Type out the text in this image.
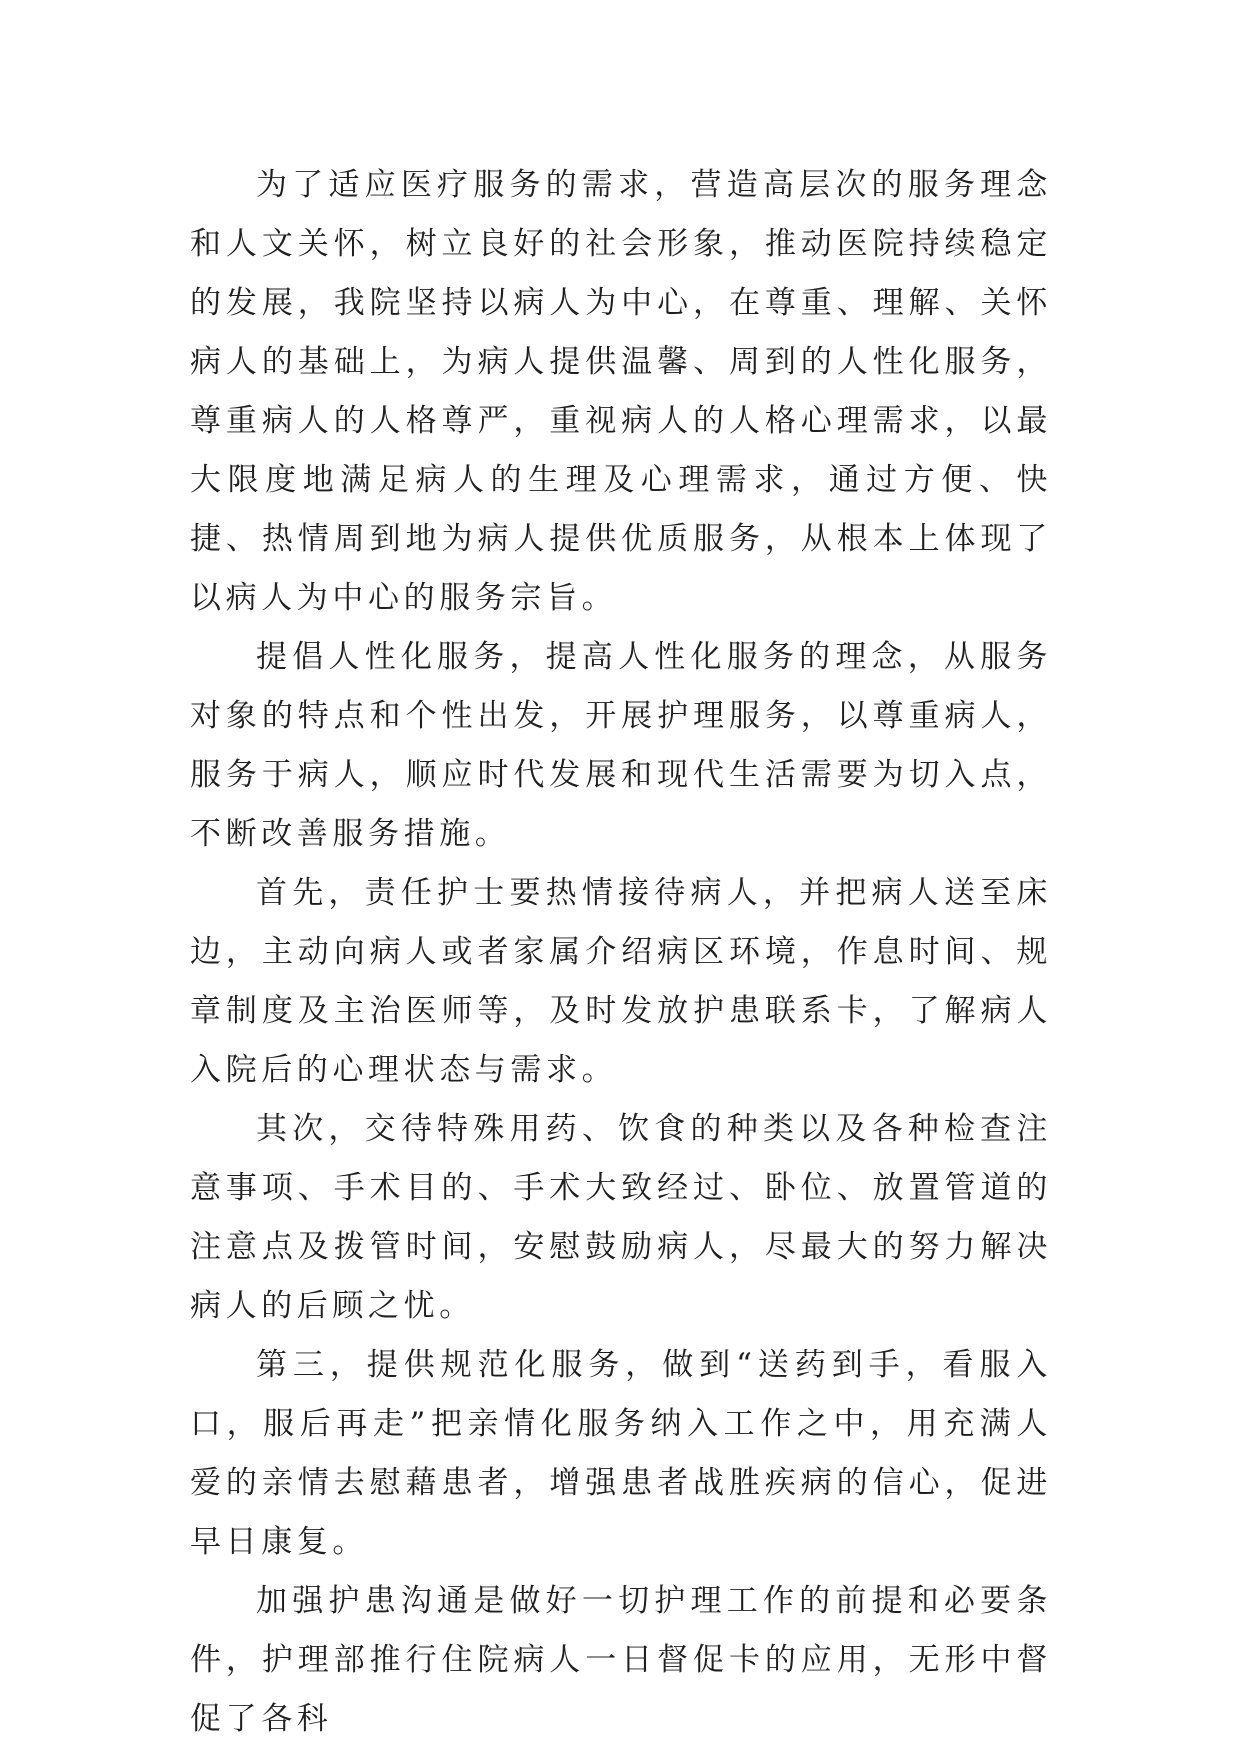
为了适应医疗服务的需求，营造高层次的服务理念和人文关怀，树立良好的社会形象，推动医院持续稳定的发展，我院坚持以病人为中心，在尊重、理解、关怀病人的基础上，为病人提供温馨、周到的人性化服务，尊重病人的人格尊严，重视病人的人格心理需求，以最大限度地满足病人的生理及心理需求，通过方便、快捷、热情周到地为病人提供优质服务，从根本上体现了以病人为中心的服务宗旨。

提倡人性化服务，提高人性化服务的理念，从服务对象的特点和个性出发，开展护理服务，以尊重病人，服务于病人，顺应时代发展和现代生活需要为切入点，不断改善服务措施。

首先，责任护士要热情接待病人，并把病人送至床边，主动向病人或者家属介绍病区环境，作息时间、规章制度及主治医师等，及时发放护患联系卡，了解病人入院后的心理状态与需求。

其次，交待特殊用药、饮食的种类以及各种检查注意事项、手术目的、手术大致经过、卧位、放置管道的注意点及拨管时间，安慰鼓励病人，尽最大的努力解决病人的后顾之忧。

第三，提供规范化服务，做到“送药到手，看服入口，服后再走”把亲情化服务纳入工作之中，用充满人爱的亲情去慰藉患者，增强患者战胜疾病的信心，促进早日康复。

加强护患沟通是做好一切护理工作的前提和必要条件，护理部推行住院病人一日督促卡的应用，无形中督促了各科
